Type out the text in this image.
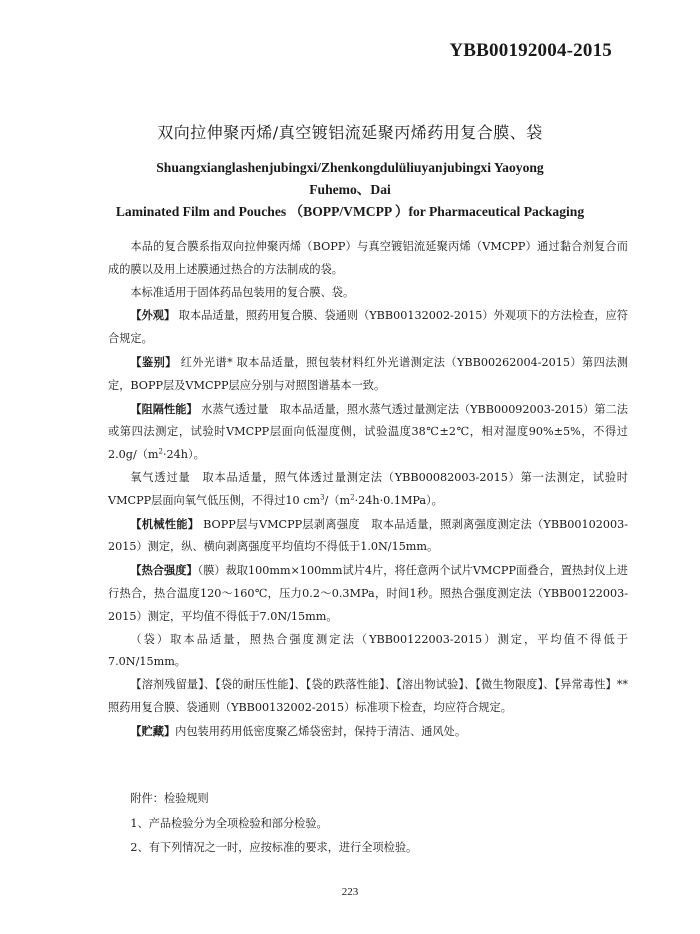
YBB00192004-2015

双向拉伸聚丙烯/真空镀铝流延聚丙烯药用复合膜、袋

Shuangxianglashenjubingxi/Zhenkongdulüliuyanjubingxi Yaoyong

Fuhemo、Dai

Laminated Film and Pouches （BOPP/VMCPP ）for Pharmaceutical Packaging

本品的复合膜系指双向拉伸聚丙烯（BOPP）与真空镀铝流延聚丙烯（VMCPP）通过黏合剂复合而成的膜以及用上述膜通过热合的方法制成的袋。

本标准适用于固体药品包装用的复合膜、袋。

【外观】 取本品适量，照药用复合膜、袋通则（YBB00132002-2015）外观项下的方法检查，应符合规定。

【鉴别】 红外光谱* 取本品适量，照包装材料红外光谱测定法（YBB00262004-2015）第四法测定，BOPP层及VMCPP层应分别与对照图谱基本一致。

【阻隔性能】 水蒸气透过量　取本品适量，照水蒸气透过量测定法（YBB00092003-2015）第二法或第四法测定，试验时VMCPP层面向低湿度侧，试验温度38℃±2℃，相对湿度90%±5%，不得过$2.0g/(m^2\cdot 24h)$。

氧气透过量　取本品适量，照气体透过量测定法（YBB00082003-2015）第一法测定，试验时VMCPP层面向氧气低压侧，不得过10 $cm^3/(m^2\cdot 24h\cdot 0.1MPa)$。

【机械性能】 BOPP层与VMCPP层剥离强度　取本品适量，照剥离强度测定法（YBB00102003-2015）测定，纵、横向剥离强度平均值均不得低于1.0N/15mm。

【热合强度】（膜）裁取100mm×100mm试片4片，将任意两个试片VMCPP面叠合，置热封仪上进行热合，热合温度120～160℃，压力0.2～0.3MPa，时间1秒。照热合强度测定法（YBB00122003-2015）测定，平均值不得低于7.0N/15mm。

（袋）取本品适量，照热合强度测定法（YBB00122003-2015）测定，平均值不得低于7.0N/15mm。

【溶剂残留量】、【袋的耐压性能】、【袋的跌落性能】、【溶出物试验】、【微生物限度】、【异常毒性】** 照药用复合膜、袋通则（YBB00132002-2015）标准项下检查，均应符合规定。

【贮藏】内包装用药用低密度聚乙烯袋密封，保持于清洁、通风处。

附件：检验规则

1、产品检验分为全项检验和部分检验。

2、有下列情况之一时，应按标准的要求，进行全项检验。

223
